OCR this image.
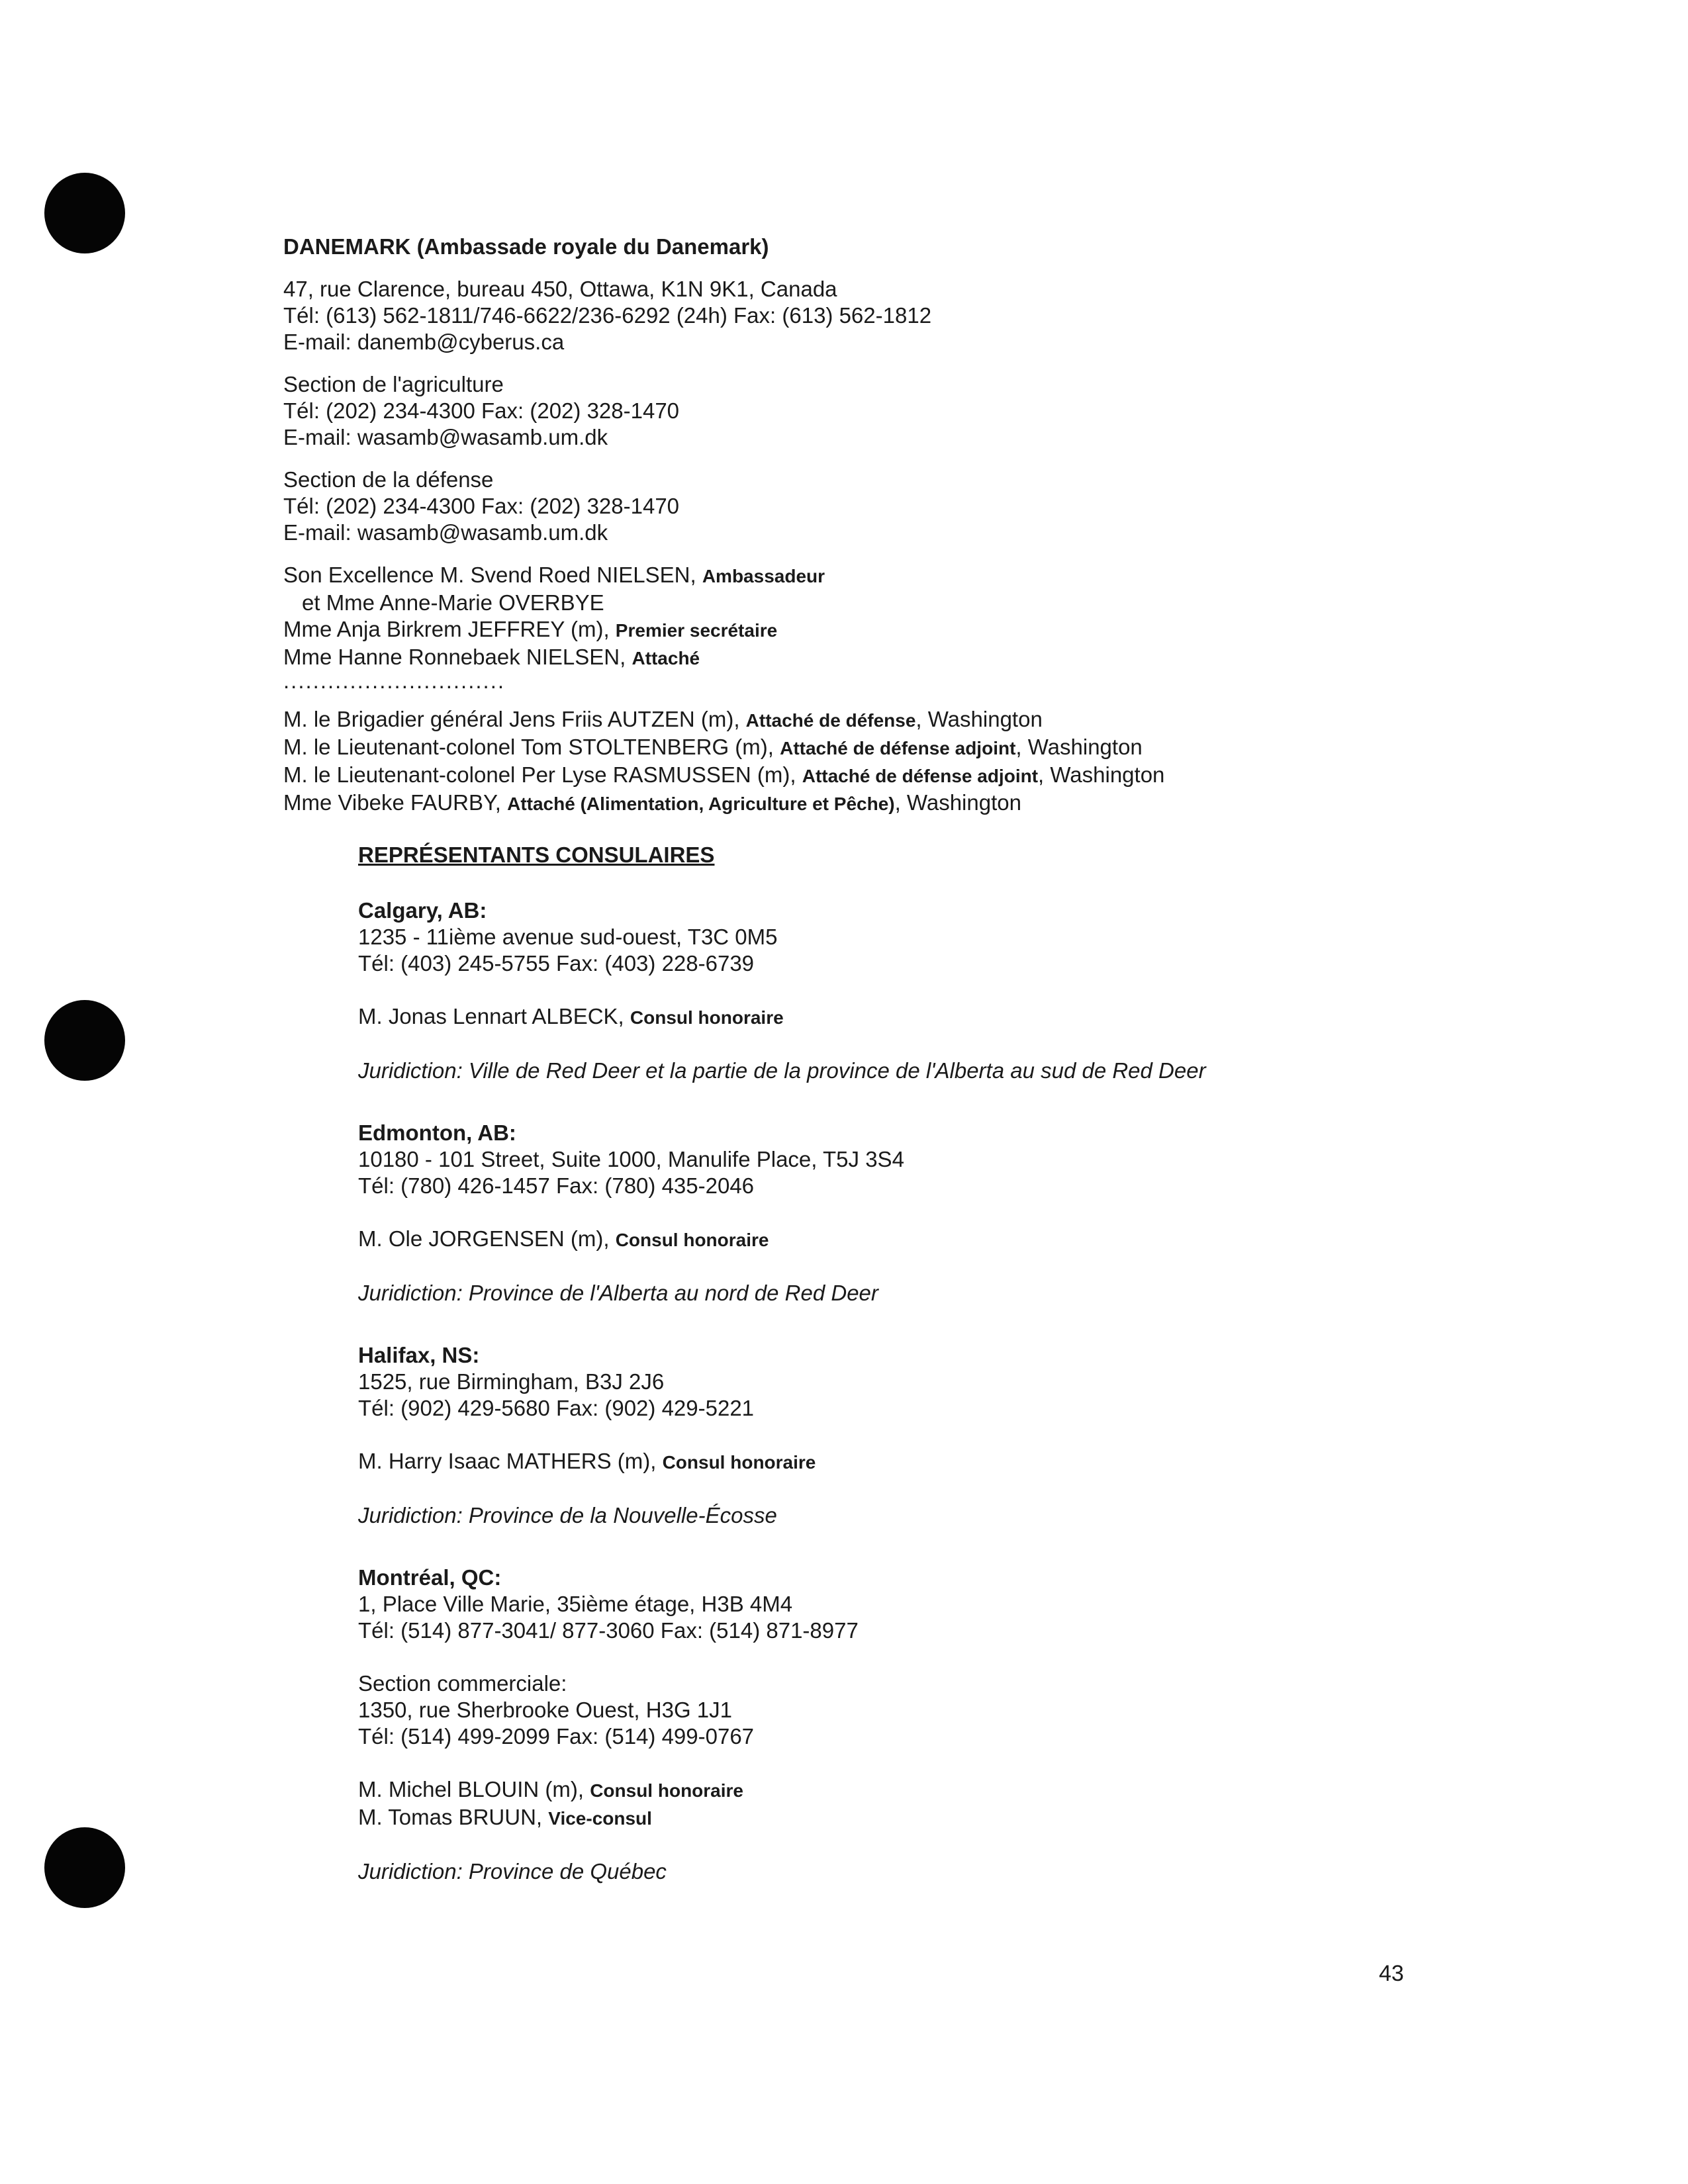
DANEMARK (Ambassade royale du Danemark)
47, rue Clarence, bureau 450, Ottawa, K1N 9K1, Canada
Tél: (613) 562-1811/746-6622/236-6292 (24h) Fax: (613) 562-1812
E-mail: danemb@cyberus.ca
Section de l'agriculture
Tél: (202) 234-4300 Fax: (202) 328-1470
E-mail: wasamb@wasamb.um.dk
Section de la défense
Tél: (202) 234-4300 Fax: (202) 328-1470
E-mail: wasamb@wasamb.um.dk
Son Excellence M. Svend Roed NIELSEN, Ambassadeur
et Mme Anne-Marie OVERBYE
Mme Anja Birkrem JEFFREY (m), Premier secrétaire
Mme Hanne Ronnebaek NIELSEN, Attaché
..............................
M. le Brigadier général Jens Friis AUTZEN (m), Attaché de défense, Washington
M. le Lieutenant-colonel Tom STOLTENBERG (m), Attaché de défense adjoint, Washington
M. le Lieutenant-colonel Per Lyse RASMUSSEN (m), Attaché de défense adjoint, Washington
Mme Vibeke FAURBY, Attaché (Alimentation, Agriculture et Pêche), Washington
REPRÉSENTANTS CONSULAIRES
Calgary, AB:
1235 - 11ième avenue sud-ouest, T3C 0M5
Tél: (403) 245-5755 Fax: (403) 228-6739
M. Jonas Lennart ALBECK, Consul honoraire
Juridiction: Ville de Red Deer et la partie de la province de l'Alberta au sud de Red Deer
Edmonton, AB:
10180 - 101 Street, Suite 1000, Manulife Place, T5J 3S4
Tél: (780) 426-1457 Fax: (780) 435-2046
M. Ole JORGENSEN (m), Consul honoraire
Juridiction: Province de l'Alberta au nord de Red Deer
Halifax, NS:
1525, rue Birmingham, B3J 2J6
Tél: (902) 429-5680 Fax: (902) 429-5221
M. Harry Isaac MATHERS (m), Consul honoraire
Juridiction: Province de la Nouvelle-Écosse
Montréal, QC:
1, Place Ville Marie, 35ième étage, H3B 4M4
Tél: (514) 877-3041/ 877-3060 Fax: (514) 871-8977
Section commerciale:
1350, rue Sherbrooke Ouest, H3G 1J1
Tél: (514) 499-2099 Fax: (514) 499-0767
M. Michel BLOUIN (m), Consul honoraire
M. Tomas BRUUN, Vice-consul
Juridiction: Province de Québec
43
